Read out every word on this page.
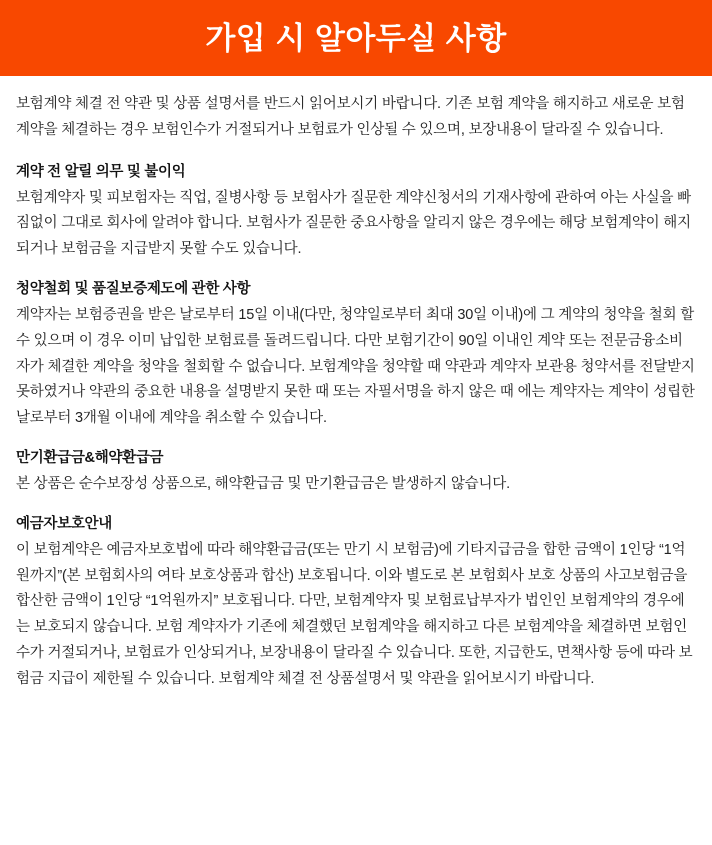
가입 시 알아두실 사항

보험계약 체결 전 약관 및 상품 설명서를 반드시 읽어보시기 바랍니다. 기존 보험 계약을 해지하고 새로운 보험계약을 체결하는 경우 보험인수가 거절되거나 보험료가 인상될 수 있으며, 보장내용이 달라질 수 있습니다.

계약 전 알릴 의무 및 불이익

보험계약자 및 피보험자는 직업, 질병사항 등 보험사가 질문한 계약신청서의 기재사항에 관하여 아는 사실을 빠짐없이 그대로 회사에 알려야 합니다. 보험사가 질문한 중요사항을 알리지 않은 경우에는 해당 보험계약이 해지되거나 보험금을 지급받지 못할 수도 있습니다.

청약철회 및 품질보증제도에 관한 사항

계약자는 보험증권을 받은 날로부터 15일 이내(다만, 청약일로부터 최대 30일 이내)에 그 계약의 청약을 철회 할 수 있으며 이 경우 이미 납입한 보험료를 돌려드립니다. 다만 보험기간이 90일 이내인 계약 또는 전문금융소비자가 체결한 계약을 청약을 철회할 수 없습니다. 보험계약을 청약할 때 약관과 계약자 보관용 청약서를 전달받지 못하였거나 약관의 중요한 내용을 설명받지 못한 때 또는 자필서명을 하지 않은 때 에는 계약자는 계약이 성립한 날로부터 3개월 이내에 계약을 취소할 수 있습니다.

만기환급금&해약환급금

본 상품은 순수보장성 상품으로, 해약환급금 및 만기환급금은 발생하지 않습니다.

예금자보호안내

이 보험계약은 예금자보호법에 따라 해약환급금(또는 만기 시 보험금)에 기타지급금을 합한 금액이 1인당 “1억원까지”(본 보험회사의 여타 보호상품과 합산) 보호됩니다. 이와 별도로 본 보험회사 보호 상품의 사고보험금을 합산한 금액이 1인당 “1억원까지” 보호됩니다. 다만, 보험계약자 및 보험료납부자가 법인인 보험계약의 경우에는 보호되지 않습니다. 보험 계약자가 기존에 체결했던 보험계약을 해지하고 다른 보험계약을 체결하면 보험인수가 거절되거나, 보험료가 인상되거나, 보장내용이 달라질 수 있습니다. 또한, 지급한도, 면책사항 등에 따라 보험금 지급이 제한될 수 있습니다. 보험계약 체결 전 상품설명서 및 약관을 읽어보시기 바랍니다.
